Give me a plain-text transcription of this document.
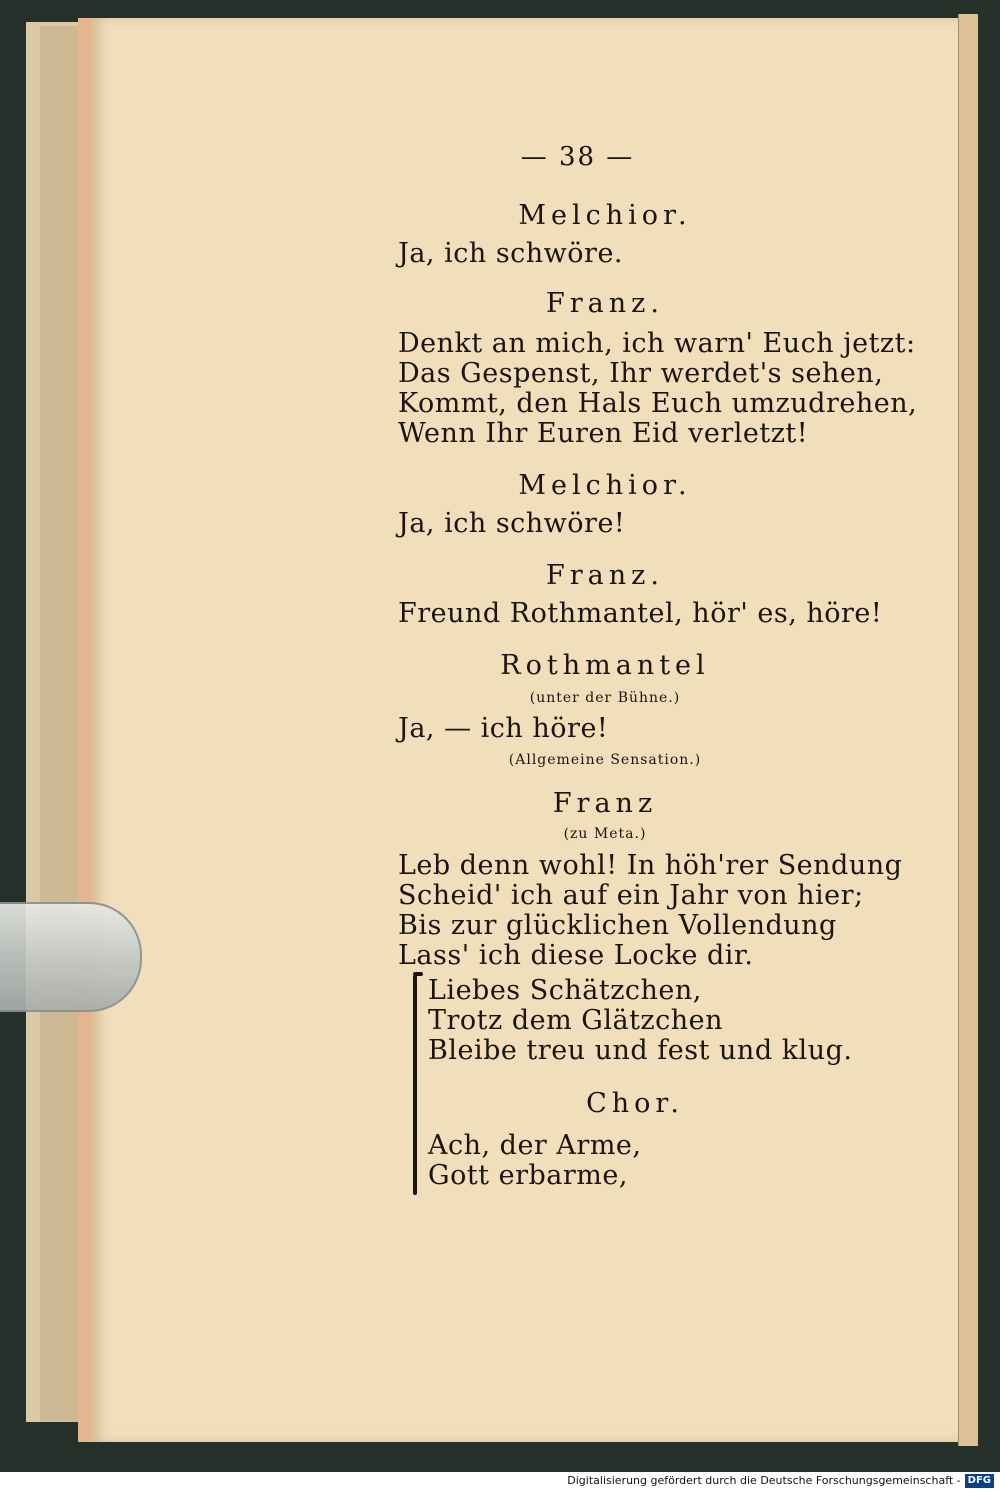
— 38 —
Melchior.
Ja, ich schwöre.
Franz.
Denkt an mich, ich warn' Euch jetzt:
Das Gespenst, Ihr werdet's sehen,
Kommt, den Hals Euch umzudrehen,
Wenn Ihr Euren Eid verletzt!
Melchior.
Ja, ich schwöre!
Franz.
Freund Rothmantel, hör' es, höre!
Rothmantel
(unter der Bühne.)
Ja, — ich höre!
(Allgemeine Sensation.)
Franz
(zu Meta.)
Leb denn wohl! In höh'rer Sendung
Scheid' ich auf ein Jahr von hier;
Bis zur glücklichen Vollendung
Lass' ich diese Locke dir.
Liebes Schätzchen,
Trotz dem Glätzchen
Bleibe treu und fest und klug.
Chor.
Ach, der Arme,
Gott erbarme,
Digitalisierung gefördert durch die Deutsche Forschungsgemeinschaft - DFG
